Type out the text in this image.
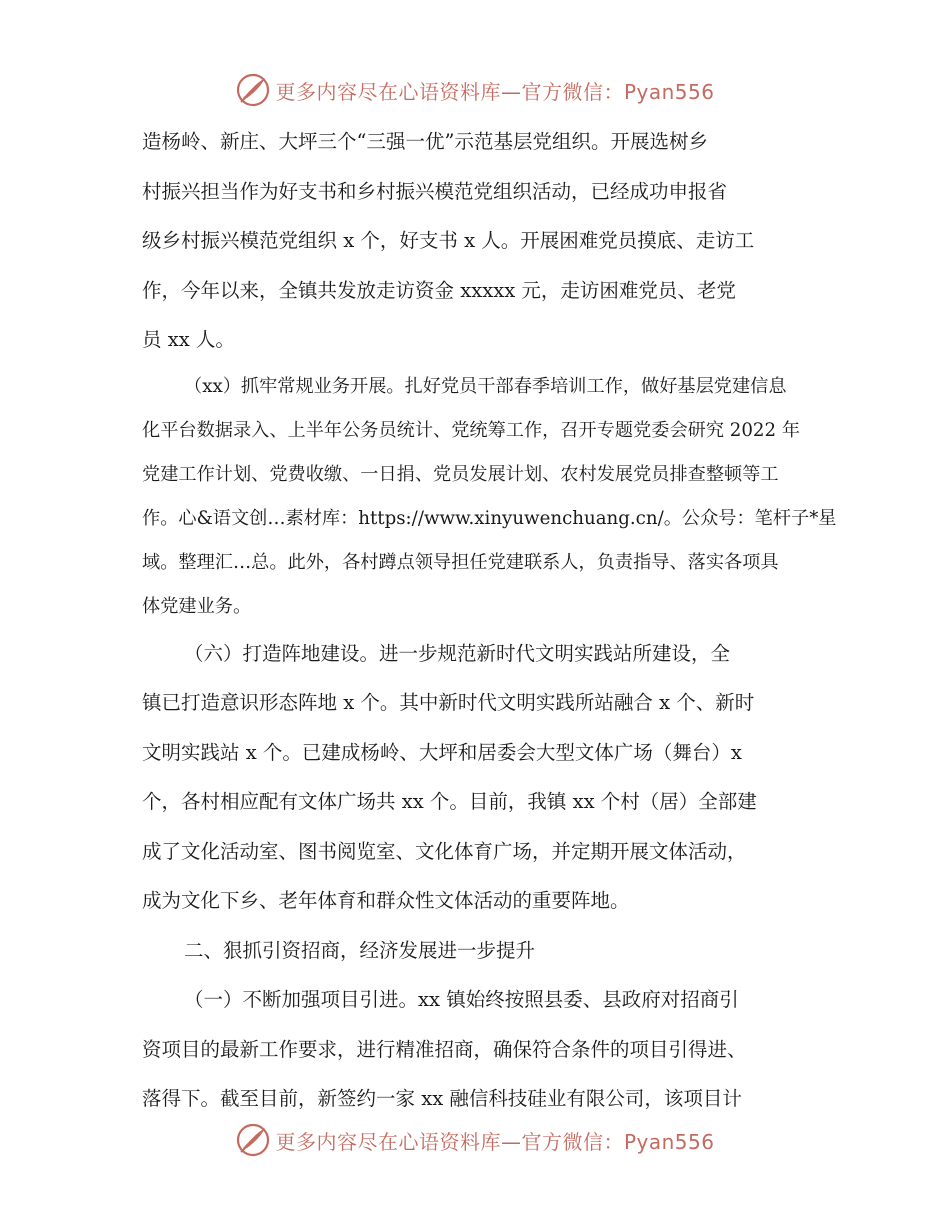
更多内容尽在心语资料库—官方微信：Pyan556
造杨岭、新庄、大坪三个“三强一优”示范基层党组织。开展选树乡
村振兴担当作为好支书和乡村振兴模范党组织活动，已经成功申报省
级乡村振兴模范党组织 x 个，好支书 x 人。开展困难党员摸底、走访工
作，今年以来，全镇共发放走访资金 xxxxx 元，走访困难党员、老党
员 xx 人。
（xx）抓牢常规业务开展。扎好党员干部春季培训工作，做好基层党建信息
化平台数据录入、上半年公务员统计、党统筹工作，召开专题党委会研究 2022 年
党建工作计划、党费收缴、一日捐、党员发展计划、农村发展党员排查整顿等工
作。心&语文创…素材库：https://www.xinyuwenchuang.cn/。公众号：笔杆子*星
域。整理汇…总。此外，各村蹲点领导担任党建联系人，负责指导、落实各项具
体党建业务。
（六）打造阵地建设。进一步规范新时代文明实践站所建设，全
镇已打造意识形态阵地 x 个。其中新时代文明实践所站融合 x 个、新时
文明实践站 x 个。已建成杨岭、大坪和居委会大型文体广场（舞台）x
个，各村相应配有文体广场共 xx 个。目前，我镇 xx 个村（居）全部建
成了文化活动室、图书阅览室、文化体育广场，并定期开展文体活动，
成为文化下乡、老年体育和群众性文体活动的重要阵地。
二、狠抓引资招商，经济发展进一步提升
（一）不断加强项目引进。xx 镇始终按照县委、县政府对招商引
资项目的最新工作要求，进行精准招商，确保符合条件的项目引得进、
落得下。截至目前，新签约一家 xx 融信科技硅业有限公司，该项目计
更多内容尽在心语资料库—官方微信：Pyan556
